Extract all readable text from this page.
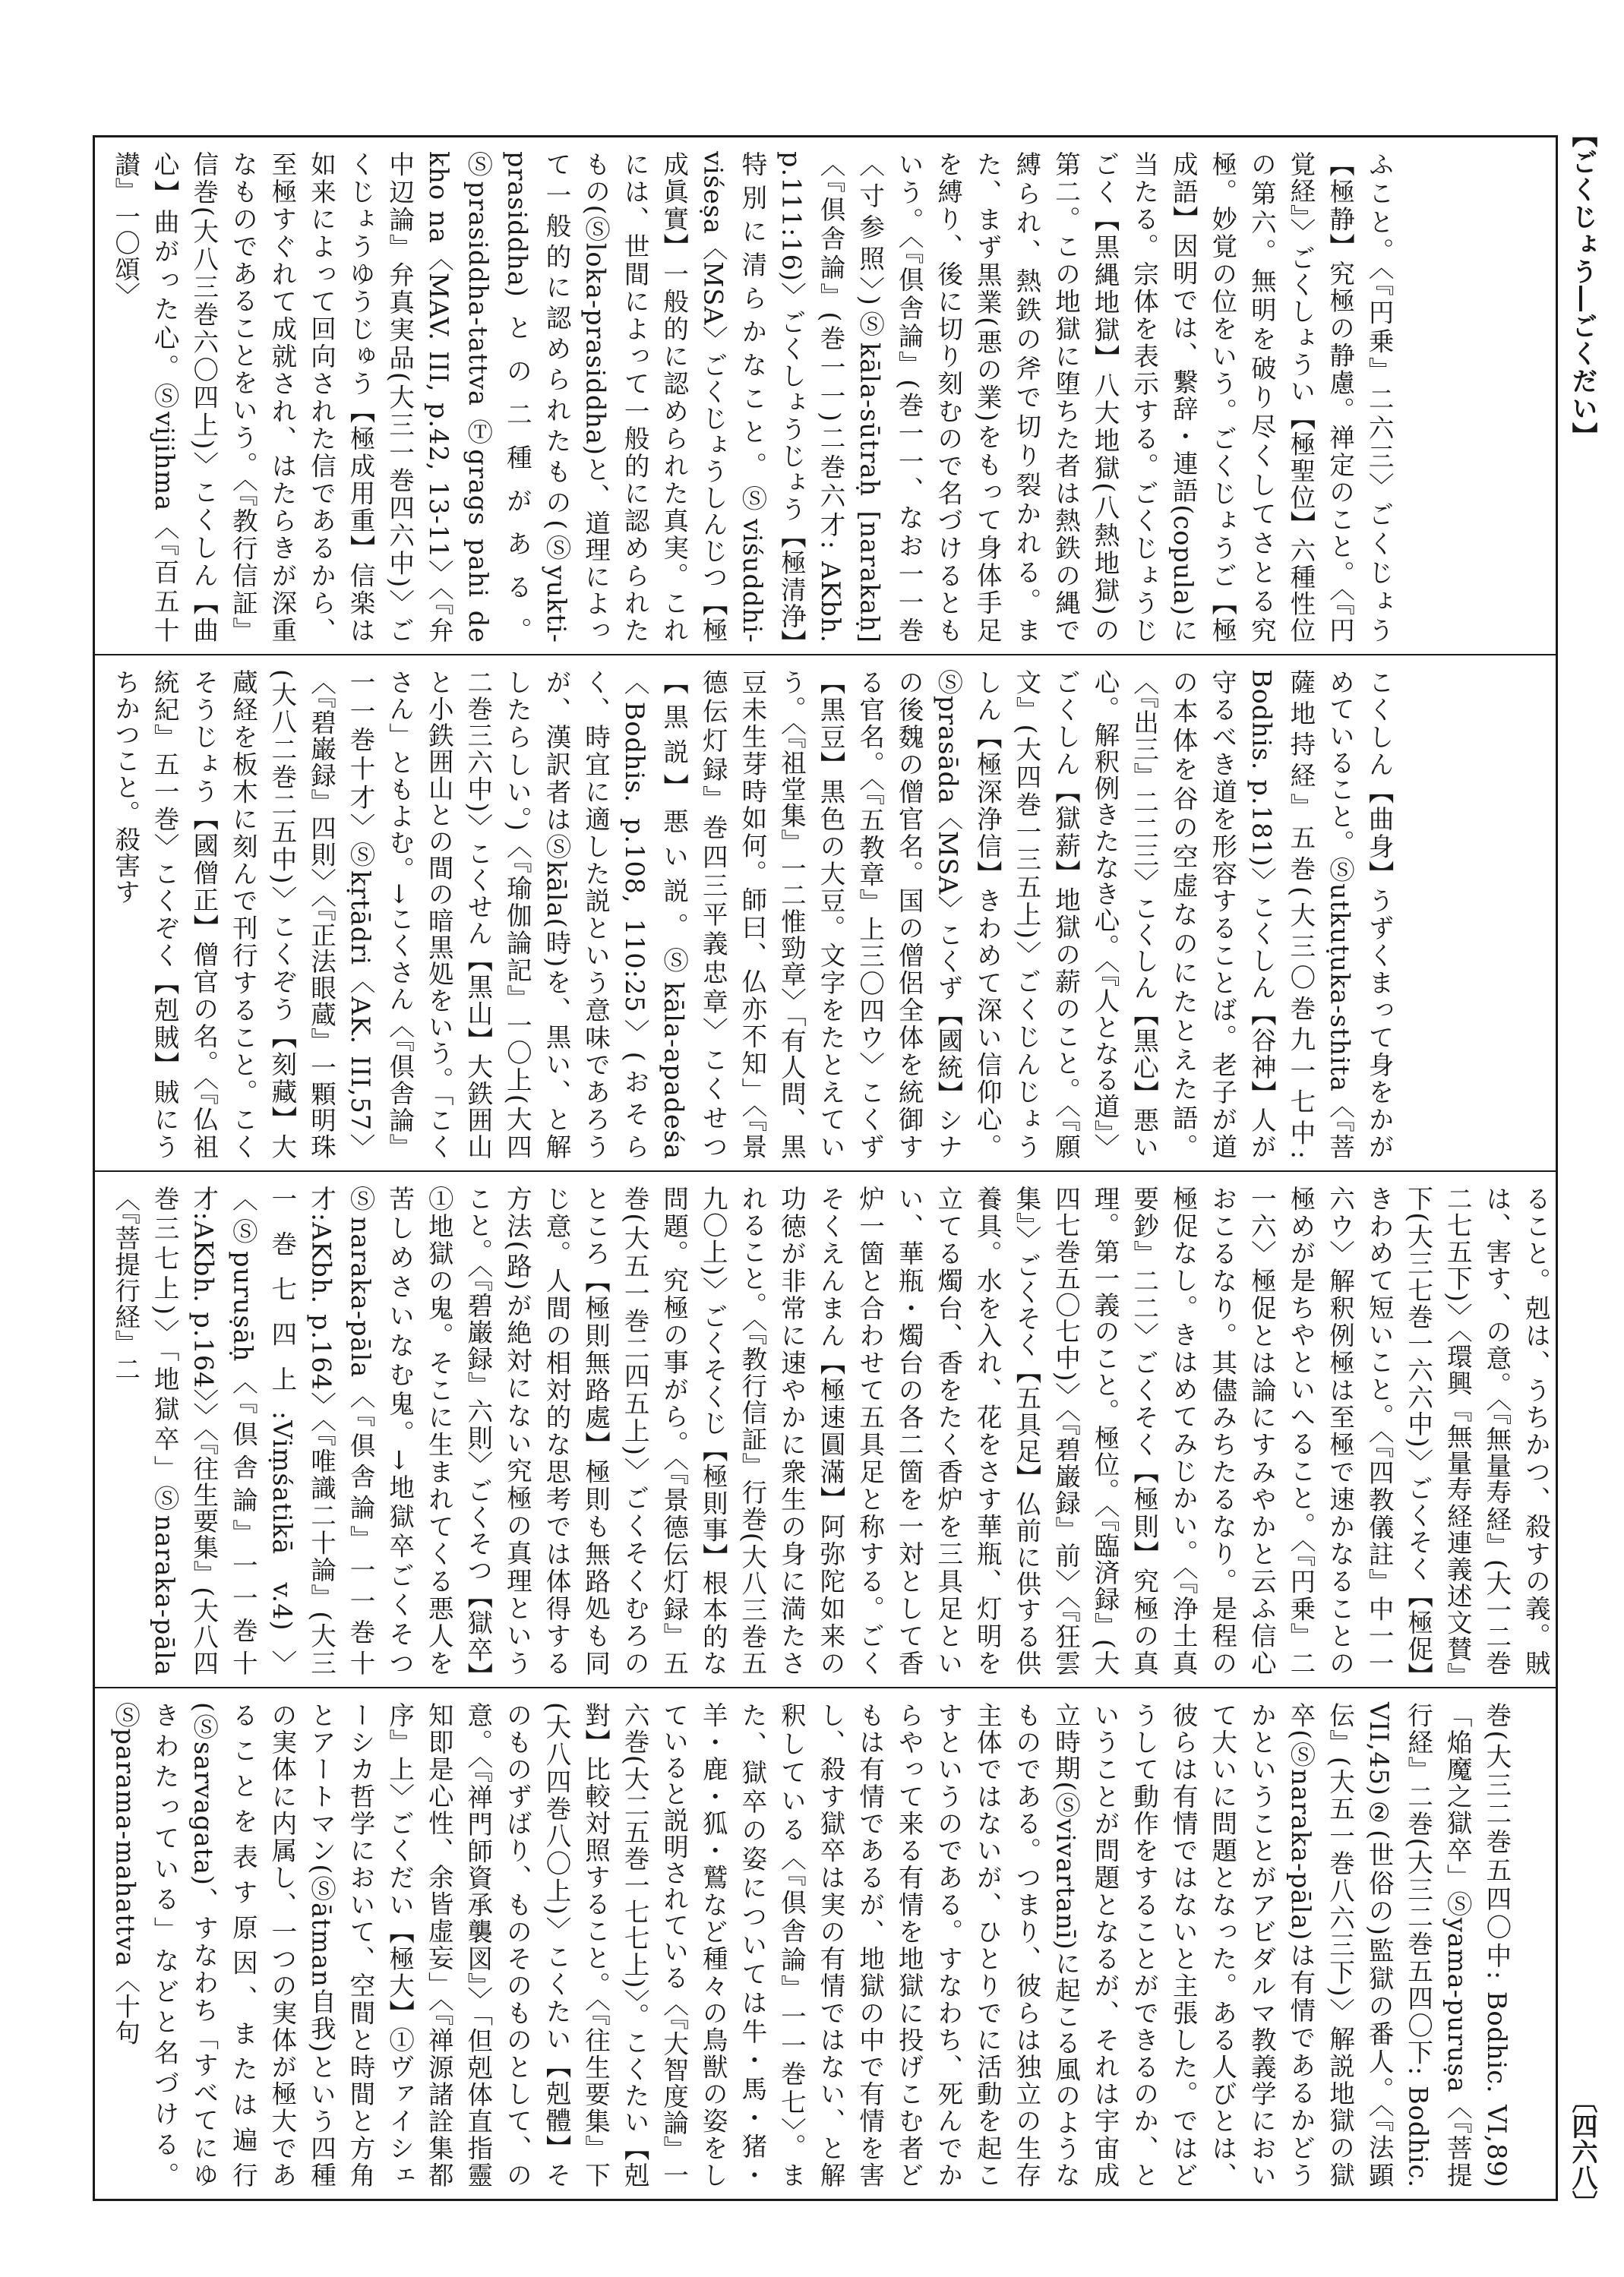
【ごくじょう―ごくだい】

ふこと。〈『円乗』二六三〉ごくじょう【極静】究極の静慮。禅定のこと。〈『円覚経』〉ごくしょうい【極聖位】六種性位の第六。無明を破り尽くしてさとる究極。妙覚の位をいう。ごくじょうご【極成語】因明では、繋辞・連語(copula)に当たる。宗体を表示する。ごくじょうじごく【黒縄地獄】八大地獄(八熱地獄)の第二。この地獄に堕ちた者は熱鉄の縄で縛られ、熱鉄の斧で切り裂かれる。また、まず黒業(悪の業)をもって身体手足を縛り、後に切り刻むので名づけるともいう。〈『倶舎論』(巻一一、なお一一巻〈寸参照〉)Ⓢkāla-sūtraḥ [narakaḥ]〈『倶舎論』(巻一一)二巻六才: AKbh. p.111:16)〉ごくしょうじょう【極清浄】特別に清らかなこと。Ⓢviśuddhi-viśeṣa〈MSA〉ごくじょうしんじつ【極成眞實】一般的に認められた真実。これには、世間によって一般的に認められたもの(Ⓢloka-prasiddha)と、道理によって一般的に認められたもの(Ⓢyukti-prasiddha)との二種がある。Ⓢprasiddha-tattva Ⓣgrags pahi de kho na〈MAV. III, p.42, 13-11〉〈『弁中辺論』弁真実品(大三一巻四六中)〉ごくじょうゆうじゅう【極成用重】信楽は如来によって回向された信であるから、至極すぐれて成就され、はたらきが深重なものであることをいう。〈『教行信証』信巻(大八三巻六〇四上)〉こくしん【曲心】曲がった心。Ⓢvijihma〈『百五十讃』一〇頌〉

こくしん【曲身】うずくまって身をかがめていること。Ⓢutkuṭuka-sthita〈『菩薩地持経』五巻(大三〇巻九一七中: Bodhis. p.181)〉こくしん【谷神】人が守るべき道を形容することば。老子が道の本体を谷の空虚なのにたとえた語。〈『出三』二二三〉こくしん【黒心】悪い心。解釈例きたなき心。〈『人となる道』〉ごくしん【獄薪】地獄の薪のこと。〈『願文』(大四巻一三五上)〉ごくじんじょうしん【極深浄信】きわめて深い信仰心。Ⓢprasāda〈MSA〉こくず【國統】シナの後魏の僧官名。国の僧侶全体を統御する官名。〈『五教章』上三〇四ウ〉こくず【黒豆】黒色の大豆。文字をたとえていう。〈『祖堂集』一二惟勁章〉「有人問、黒豆未生芽時如何。師曰、仏亦不知」〈『景德伝灯録』巻四三平義忠章〉こくせつ【黒説】悪い説。Ⓢkāla-apadeśa〈Bodhis. p.108, 110:25〉(おそらく、時宜に適した説という意味であろうが、漢訳者はⓈkāla(時)を、黒い、と解したらしい。)〈『瑜伽論記』一〇上(大四二巻三六中)〉こくせん【黒山】大鉄囲山と小鉄囲山との間の暗黒処をいう。「こくさん」ともよむ。→こくさん〈『倶舎論』一一巻十才〉Ⓢkṛtādri〈AK. III,57〉〈『碧巌録』四則〉〈『正法眼蔵』一顆明珠(大八二巻二五中)〉こくぞう【刻藏】大蔵経を板木に刻んで刊行すること。こくそうじょう【國僧正】僧官の名。〈『仏祖統紀』五一巻〉こくぞく【剋賊】賊にうちかつこと。殺害す

ること。剋は、うちかつ、殺すの義。賊は、害す、の意。〈『無量寿経』(大一二巻二七五下)〉〈環興『無量寿経連義述文賛』下(大三七巻一六六中)〉ごくそく【極促】きわめて短いこと。〈『四教儀註』中一一六ウ〉解釈例極は至極で速かなることの極めが是ちやといへること。〈『円乗』二一六〉極促とは論にすみやかと云ふ信心おこるなり。其儘みちたるなり。是程の極促なし。きはめてみじかい。〈『浄土真要鈔』二二〉ごくそく【極則】究極の真理。第一義のこと。極位。〈『臨済録』(大四七巻五〇七中)〉〈『碧巌録』前〉〈『狂雲集』〉ごくそく【五具足】仏前に供する供養具。水を入れ、花をさす華瓶、灯明を立てる燭台、香をたく香炉を三具足といい、華瓶・燭台の各二箇を一対として香炉一箇と合わせて五具足と称する。ごくそくえんまん【極速圓滿】阿弥陀如来の功徳が非常に速やかに衆生の身に満たされること。〈『教行信証』行巻(大八三巻五九〇上)〉ごくそくじ【極則事】根本的な問題。究極の事がら。〈『景德伝灯録』五巻(大五一巻二四五上)〉ごくそくむろのところ【極則無路處】極則も無路処も同じ意。人間の相対的な思考では体得する方法(路)が絶対にない究極の真理ということ。〈『碧巌録』六則〉ごくそつ【獄卒】①地獄の鬼。そこに生まれてくる悪人を苦しめさいなむ鬼。→地獄卒ごくそつⓈnaraka-pāla〈『倶舎論』一一巻十才:AKbh. p.164〉〈『唯識二十論』(大三一巻七四上:Viṃśatikā v.4)〉〈Ⓢpuruṣāḥ〈『倶舎論』一一巻十才:AKbh. p.164〉〉〈『往生要集』(大八四巻三七上)〉「地獄卒」Ⓢnaraka-pāla〈『菩提行経』二

巻(大三二巻五四〇中: Bodhic. VI,89)「焔魔之獄卒」Ⓢyama-puruṣa〈『菩提行経』二巻(大三二巻五四〇下: Bodhic. VII,45)②(世俗の)監獄の番人。〈『法顕伝』(大五一巻八六三下)〉解説地獄の獄卒(Ⓢnaraka-pāla)は有情であるかどうかということがアビダルマ教義学において大いに問題となった。ある人びとは、彼らは有情ではないと主張した。ではどうして動作をすることができるのか、ということが問題となるが、それは宇宙成立時期(Ⓢvivartanī)に起こる風のようなものである。つまり、彼らは独立の生存主体ではないが、ひとりでに活動を起こすというのである。すなわち、死んでからやって来る有情を地獄に投げこむ者どもは有情であるが、地獄の中で有情を害し、殺す獄卒は実の有情ではない、と解釈している〈『倶舎論』一一巻七〉。また、獄卒の姿については牛・馬・猪・羊・鹿・狐・鷲など種々の鳥獣の姿をしていると説明されている〈『大智度論』一六巻(大二五巻一七七上)〉。こくたい【剋對】比較対照すること。〈『往生要集』下(大八四巻八〇上)〉こくたい【剋體】そのものずばり、ものそのものとして、の意。〈『禅門師資承襲図』〉「但剋体直指靈知即是心性、余皆虚妄」〈『禅源諸詮集都序』上〉ごくだい【極大】①ヴァイシェーシカ哲学において、空間と時間と方角とアートマン(Ⓢātman自我)という四種の実体に内属し、一つの実体が極大であることを表す原因、または遍行(Ⓢsarvagata)、すなわち「すべてにゆきわたっている」などと名づける。Ⓢparama-mahattva〈十句

〔四六八〕
